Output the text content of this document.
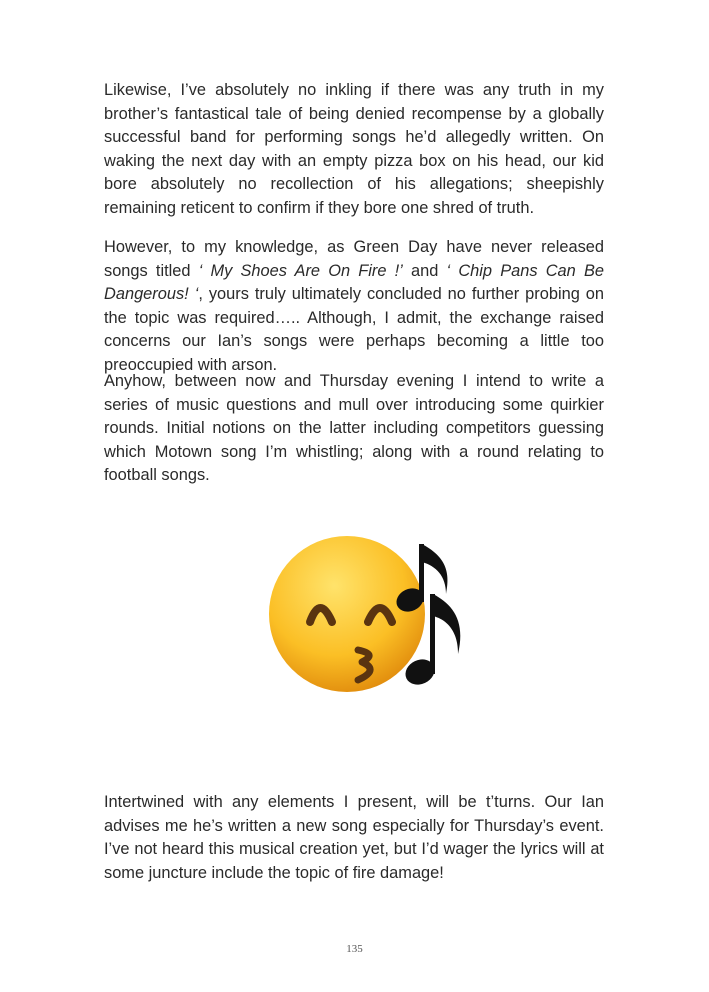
Likewise, I’ve absolutely no inkling if there was any truth in my brother’s fantastical tale of being denied recompense by a globally successful band for performing songs he’d allegedly written. On waking the next day with an empty pizza box on his head, our kid bore absolutely no recollection of his allegations; sheepishly remaining reticent to confirm if they bore one shred of truth.

However, to my knowledge, as Green Day have never released songs titled ‘ My Shoes Are On Fire !’ and ‘ Chip Pans Can Be Dangerous! ‘, yours truly ultimately concluded no further probing on the topic was required….. Although, I admit, the exchange raised concerns our Ian’s songs were perhaps becoming a little too preoccupied with arson.

Anyhow, between now and Thursday evening I intend to write a series of music questions and mull over introducing some quirkier rounds. Initial notions on the latter including competitors guessing which Motown song I’m whistling; along with a round relating to football songs.

Intertwined with any elements I present, will be t’turns. Our Ian advises me he’s written a new song especially for Thursday’s event. I’ve not heard this musical creation yet, but I’d wager the lyrics will at some juncture include the topic of fire damage!

135
